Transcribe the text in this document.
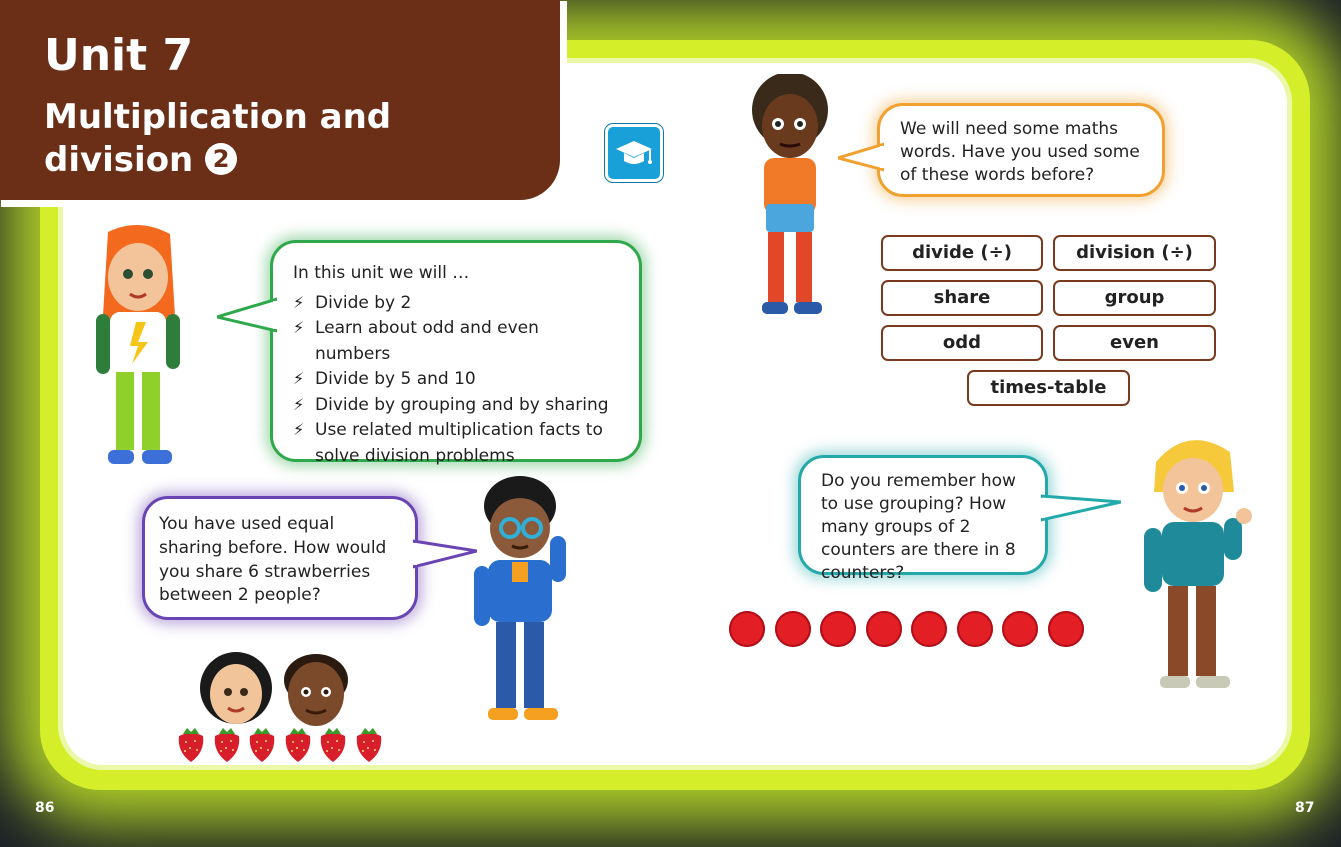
Unit 7
Multiplication and division 2
In this unit we will …
⚡ Divide by 2
⚡ Learn about odd and even numbers
⚡ Divide by 5 and 10
⚡ Divide by grouping and by sharing
⚡ Use related multiplication facts to solve division problems
You have used equal sharing before. How would you share 6 strawberries between 2 people?
We will need some maths words. Have you used some of these words before?
divide (÷)	division (÷)
share	group
odd	even
times-table
Do you remember how to use grouping? How many groups of 2 counters are there in 8 counters?
86	87
